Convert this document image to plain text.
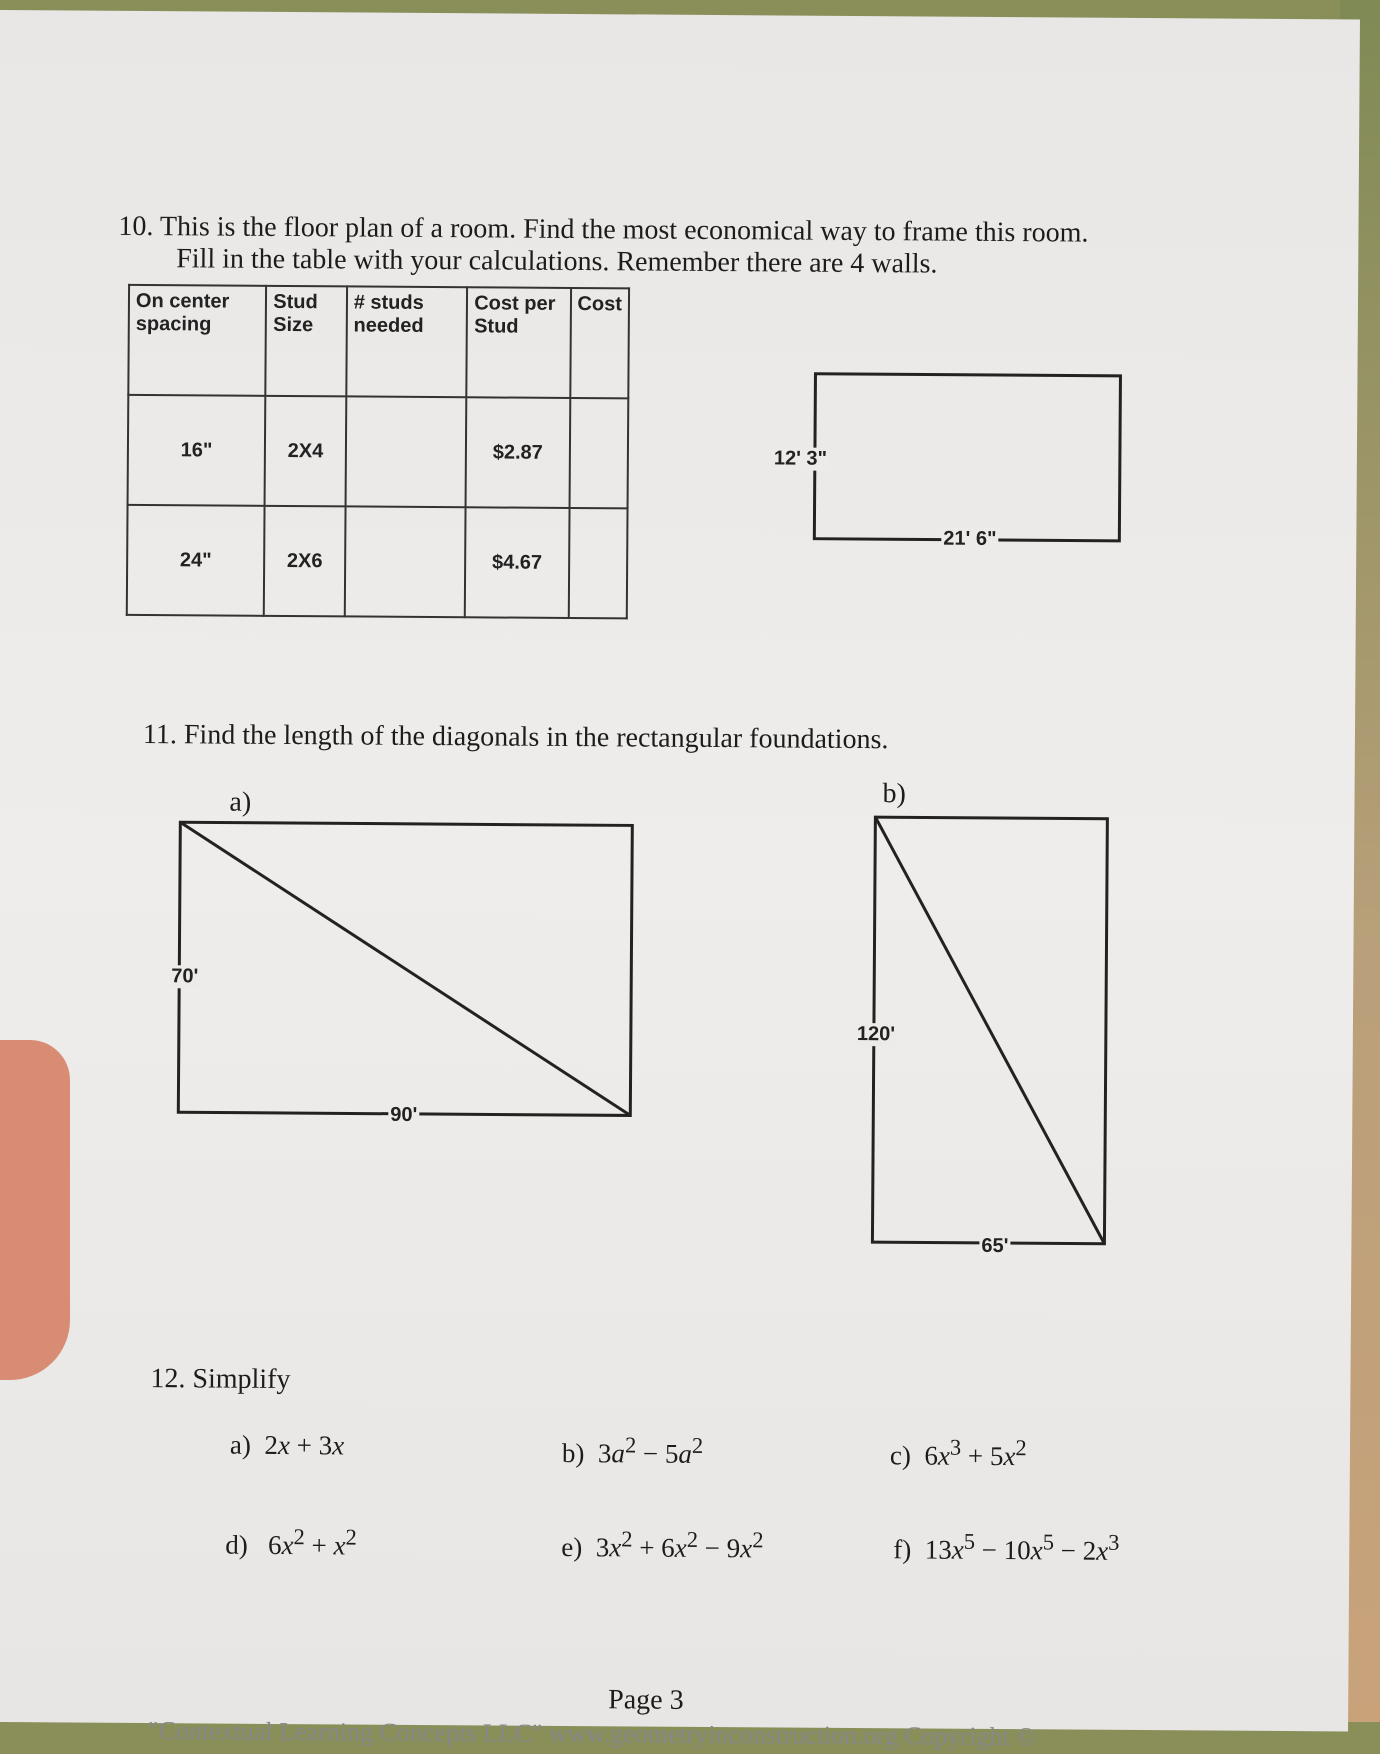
10. This is the floor plan of a room. Find the most economical way to frame this room.
Fill in the table with your calculations. Remember there are 4 walls.
On center spacing	Stud Size	# studs needed	Cost per Stud	Cost
16"	2X4		$2.87	
24"	2X6		$4.67	
12' 3"
21' 6"
11. Find the length of the diagonals in the rectangular foundations.
a)
70'
90'
b)
120'
65'
12. Simplify
a)  2x + 3x	b)  $3a^2 - 5a^2$	c)  $6x^3 + 5x^2$
d)   $6x^2 + x^2$	e)  $3x^2 + 6x^2 - 9x^2$	f)  $13x^5 - 10x^5 - 2x^3$
Page 3
"Contextual Learning Concepts LLC" www.geometryinconstruction.org Copyright ©
